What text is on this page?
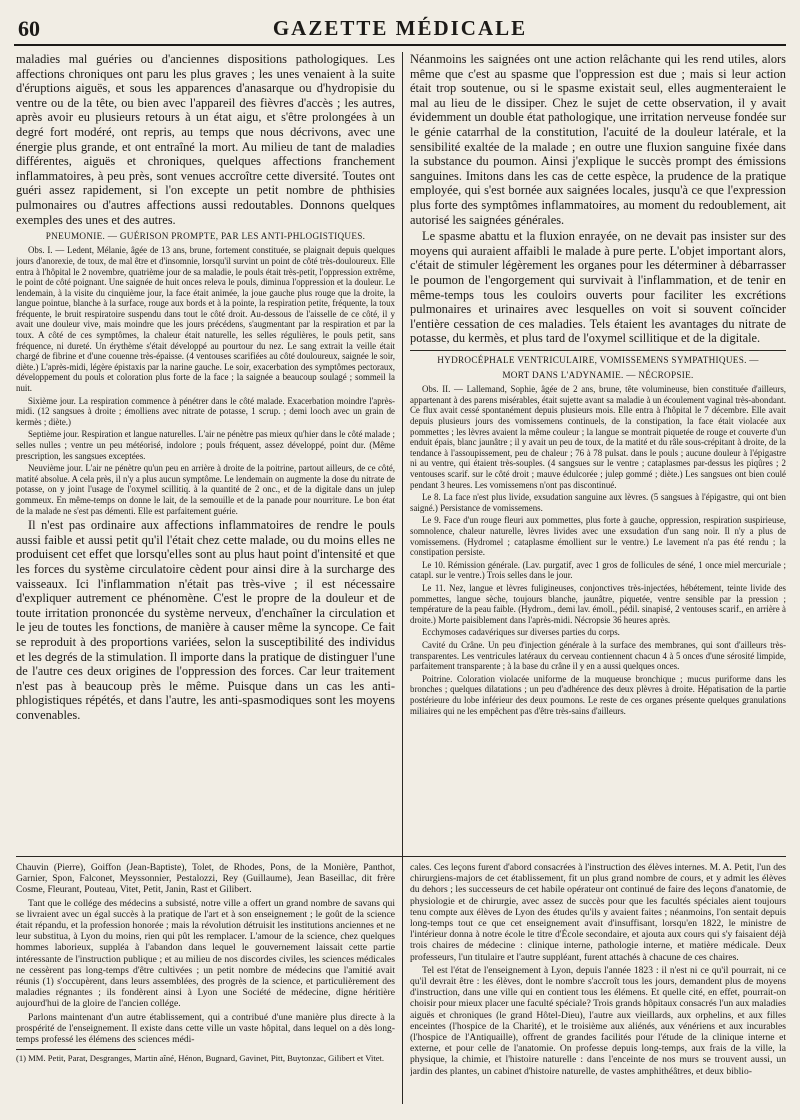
60	GAZETTE MÉDICALE

maladies mal guéries ou d'anciennes dispositions pathologiques. Les affections chroniques ont paru les plus graves ; les unes venaient à la suite d'éruptions aiguës, et sous les apparences d'anasarque ou d'hydropisie du ventre ou de la tête, ou bien avec l'appareil des fièvres d'accès ; les autres, après avoir eu plusieurs retours à un état aigu, et s'être prolongées à un degré fort modéré, ont repris, au temps que nous décrivons, avec une énergie plus grande, et ont entraîné la mort. Au milieu de tant de maladies différentes, aiguës et chroniques, quelques affections franchement inflammatoires, à peu près, sont venues accroître cette diversité. Toutes ont guéri assez rapidement, si l'on excepte un petit nombre de phthisies pulmonaires ou d'autres affections aussi redoutables. Donnons quelques exemples des unes et des autres.

PNEUMONIE. — GUÉRISON PROMPTE, PAR LES ANTI-PHLOGISTIQUES.

Obs. I. — Ledent, Mélanie, âgée de 13 ans, brune, fortement constituée, se plaignait depuis quelques jours d'anorexie, de toux, de mal être et d'insomnie, lorsqu'il survint un point de côté très-douloureux. Elle entra à l'hôpital le 2 novembre, quatrième jour de sa maladie, le pouls était très-petit, l'oppression extrême, le point de côté poignant. Une saignée de huit onces releva le pouls, diminua l'oppression et la douleur. Le lendemain, à la visite du cinquième jour, la face était animée, la joue gauche plus rouge que la droite, la langue pointue, blanche à la surface, rouge aux bords et à la pointe, la respiration petite, fréquente, la toux fréquente, le bruit respiratoire suspendu dans tout le côté droit. Au-dessous de l'aisselle de ce côté, il y avait une douleur vive, mais moindre que les jours précédens, s'augmentant par la respiration et par la toux. A côté de ces symptômes, la chaleur était naturelle, les selles régulières, le pouls petit, sans fréquence, ni dureté. Un érythème s'était développé au pourtour du nez. Le sang extrait la veille était chargé de fibrine et d'une couenne très-épaisse. (4 ventouses scarifiées au côté douloureux, saignée le soir, diète.) L'après-midi, légère épistaxis par la narine gauche. Le soir, exacerbation des symptômes pectoraux, développement du pouls et coloration plus forte de la face ; la saignée a beaucoup soulagé ; sommeil la nuit.

Sixième jour. La respiration commence à pénétrer dans le côté malade. Exacerbation moindre l'après-midi. (12 sangsues à droite ; émolliens avec nitrate de potasse, 1 scrup. ; demi looch avec un grain de kermès ; diète.)

Septième jour. Respiration et langue naturelles. L'air ne pénètre pas mieux qu'hier dans le côté malade ; selles nulles ; ventre un peu météorisé, indolore ; pouls fréquent, assez développé, point dur. (Même prescription, les sangsues exceptées.

Neuvième jour. L'air ne pénètre qu'un peu en arrière à droite de la poitrine, partout ailleurs, de ce côté, matité absolue. A cela près, il n'y a plus aucun symptôme. Le lendemain on augmente la dose du nitrate de potasse, on y joint l'usage de l'oxymel scillitiq. à la quantité de 2 onc., et de la digitale dans un julep gommeux. En même-temps on donne le lait, de la semouille et de la panade pour nourriture. Le bon état de la malade ne s'est pas démenti. Elle est parfaitement guérie.

Il n'est pas ordinaire aux affections inflammatoires de rendre le pouls aussi faible et aussi petit qu'il l'était chez cette malade, ou du moins elles ne produisent cet effet que lorsqu'elles sont au plus haut point d'intensité et que les forces du système circulatoire cèdent pour ainsi dire à la surcharge des vaisseaux. Ici l'inflammation n'était pas très-vive ; il est nécessaire d'expliquer autrement ce phénomène. C'est le propre de la douleur et de toute irritation prononcée du système nerveux, d'enchaîner la circulation et le jeu de toutes les fonctions, de manière à causer même la syncope. Ce fait se reproduit à des proportions variées, selon la susceptibilité des individus et les degrés de la stimulation. Il importe dans la pratique de distinguer l'une de l'autre ces deux origines de l'oppression des forces. Car leur traitement n'est pas à beaucoup près le même. Puisque dans un cas les anti-phlogistiques répétés, et dans l'autre, les anti-spasmodiques sont les moyens convenables.

Néanmoins les saignées ont une action relâchante qui les rend utiles, alors même que c'est au spasme que l'oppression est due ; mais si leur action était trop soutenue, ou si le spasme existait seul, elles augmenteraient le mal au lieu de le dissiper. Chez le sujet de cette observation, il y avait évidemment un double état pathologique, une irritation nerveuse fondée sur le génie catarrhal de la constitution, l'acuité de la douleur latérale, et la sensibilité exaltée de la malade ; en outre une fluxion sanguine fixée dans la substance du poumon. Ainsi j'explique le succès prompt des émissions sanguines. Imitons dans les cas de cette espèce, la prudence de la pratique employée, qui s'est bornée aux saignées locales, jusqu'à ce que l'expression plus forte des symptômes inflammatoires, au moment du redoublement, ait autorisé les saignées générales.

Le spasme abattu et la fluxion enrayée, on ne devait pas insister sur des moyens qui auraient affaibli le malade à pure perte. L'objet important alors, c'était de stimuler légèrement les organes pour les déterminer à débarrasser le poumon de l'engorgement qui survivait à l'inflammation, et de tenir en même-temps tous les couloirs ouverts pour faciliter les excrétions pulmonaires et urinaires avec lesquelles on voit si souvent coïncider l'entière cessation de ces maladies. Tels étaient les avantages du nitrate de potasse, du kermès, et plus tard de l'oxymel scillitique et de la digitale.

HYDROCÉPHALE VENTRICULAIRE, VOMISSEMENS SYMPATHIQUES. —
MORT DANS L'ADYNAMIE. — NÉCROPSIE.

Obs. II. — Lallemand, Sophie, âgée de 2 ans, brune, tête volumineuse, bien constituée d'ailleurs, appartenant à des parens misérables, était sujette avant sa maladie à un écoulement vaginal très-abondant. Ce flux avait cessé spontanément depuis plusieurs mois. Elle entra à l'hôpital le 7 décembre. Elle avait depuis plusieurs jours des vomissemens continuels, de la constipation, la face était violacée aux pommettes ; les lèvres avaient la même couleur ; la langue se montrait piquetée de rouge et couverte d'un enduit épais, blanc jaunâtre ; il y avait un peu de toux, de la matité et du râle sous-crépitant à droite, de la tendance à l'assoupissement, peu de chaleur ; 76 à 78 pulsat. dans le pouls ; aucune douleur à l'épigastre ni au ventre, qui étaient très-souples. (4 sangsues sur le ventre ; cataplasmes par-dessus les piqûres ; 2 ventouses scarif. sur le côté droit ; mauve édulcorée ; julep gommé ; diète.) Les sangsues ont bien coulé pendant 3 heures. Les vomissemens n'ont pas discontinué.

Le 8. La face n'est plus livide, exsudation sanguine aux lèvres. (5 sangsues à l'épigastre, qui ont bien saigné.) Persistance de vomissemens.

Le 9. Face d'un rouge fleuri aux pommettes, plus forte à gauche, oppression, respiration suspirieuse, somnolence, chaleur naturelle, lèvres livides avec une exsudation d'un sang noir. Il n'y a plus de vomissemens. (Hydromel ; cataplasme émollient sur le ventre.) Le lavement n'a pas été rendu ; la constipation persiste.

Le 10. Rémission générale. (Lav. purgatif, avec 1 gros de follicules de séné, 1 once miel mercuriale ; catapl. sur le ventre.) Trois selles dans le jour.

Le 11. Nez, langue et lèvres fuligineuses, conjonctives très-injectées, hébétement, teinte livide des pommettes, langue sèche, toujours blanche, jaunâtre, piquetée, ventre sensible par la pression ; température de la peau faible. (Hydrom., demi lav. émoll., pédil. sinapisé, 2 ventouses scarif., en arrière à droite.) Morte paisiblement dans l'après-midi. Nécropsie 36 heures après.

Ecchymoses cadavériques sur diverses parties du corps.

Cavité du Crâne. Un peu d'injection générale à la surface des membranes, qui sont d'ailleurs très-transparentes. Les ventricules latéraux du cerveau contiennent chacun 4 à 5 onces d'une sérosité limpide, parfaitement transparente ; à la base du crâne il y en a aussi quelques onces.

Poitrine. Coloration violacée uniforme de la muqueuse bronchique ; mucus puriforme dans les bronches ; quelques dilatations ; un peu d'adhérence des deux plèvres à droite. Hépatisation de la partie postérieure du lobe inférieur des deux poumons. Le reste de ces organes présente quelques granulations miliaires qui ne les empêchent pas d'être très-sains d'ailleurs.

Chauvin (Pierre), Goiffon (Jean-Baptiste), Tolet, de Rhodes, Pons, de la Monière, Panthot, Garnier, Spon, Falconet, Meyssonnier, Pestalozzi, Rey (Guillaume), Jean Baseillac, dit frère Cosme, Fleurant, Pouteau, Vitet, Petit, Janin, Rast et Gilibert.

Tant que le collége des médecins a subsisté, notre ville a offert un grand nombre de savans qui se livraient avec un égal succès à la pratique de l'art et à son enseignement ; le goût de la science était répandu, et la profession honorée ; mais la révolution détruisit les institutions anciennes et ne leur substitua, à Lyon du moins, rien qui pût les remplacer. L'amour de la science, chez quelques hommes laborieux, suppléa à l'abandon dans lequel le gouvernement laissait cette partie intéressante de l'instruction publique ; et au milieu de nos discordes civiles, les sciences médicales ne cessèrent pas long-temps d'être cultivées ; un petit nombre de médecins que l'amitié avait réunis (1) s'occupèrent, dans leurs assemblées, des progrès de la science, et particulièrement des maladies régnantes ; ils fondèrent ainsi à Lyon une Société de médecine, digne héritière aujourd'hui de la gloire de l'ancien collége.

Parlons maintenant d'un autre établissement, qui a contribué d'une manière plus directe à la prospérité de l'enseignement. Il existe dans cette ville un vaste hôpital, dans lequel on a dès long-temps professé les élémens des sciences médi-

(1) MM. Petit, Parat, Desgranges, Martin aîné, Hénon, Bugnard, Gavinet, Pitt, Buytonzac, Gilibert et Vitet.

cales. Ces leçons furent d'abord consacrées à l'instruction des élèves internes. M. A. Petit, l'un des chirurgiens-majors de cet établissement, fit un plus grand nombre de cours, et y admit les élèves du dehors ; les successeurs de cet habile opérateur ont continué de faire des leçons d'anatomie, de physiologie et de chirurgie, avec assez de succès pour que les facultés spéciales aient toujours tenu compte aux élèves de Lyon des études qu'ils y avaient faites ; néanmoins, l'on sentait depuis long-temps tout ce que cet enseignement avait d'insuffisant, lorsqu'en 1822, le ministre de l'intérieur donna à notre école le titre d'École secondaire, et ajouta aux cours qui s'y faisaient déjà trois chaires de médecine : clinique interne, pathologie interne, et matière médicale. Deux professeurs, l'un titulaire et l'autre suppléant, furent attachés à chacune de ces chaires.

Tel est l'état de l'enseignement à Lyon, depuis l'année 1823 : il n'est ni ce qu'il pourrait, ni ce qu'il devrait être : les élèves, dont le nombre s'accroît tous les jours, demandent plus de moyens d'instruction, dans une ville qui en contient tous les élémens. Et quelle cité, en effet, pourrait-on choisir pour mieux placer une faculté spéciale? Trois grands hôpitaux consacrés l'un aux maladies aiguës et chroniques (le grand Hôtel-Dieu), l'autre aux vieillards, aux orphelins, et aux filles enceintes (l'hospice de la Charité), et le troisième aux aliénés, aux vénériens et aux incurables (l'hospice de l'Antiquaille), offrent de grandes facilités pour l'étude de la clinique interne et externe, et pour celle de l'anatomie. On professe depuis long-temps, aux frais de la ville, la physique, la chimie, et l'histoire naturelle : dans l'enceinte de nos murs se trouvent aussi, un jardin des plantes, un cabinet d'histoire naturelle, de vastes amphithéâtres, et deux biblio-
